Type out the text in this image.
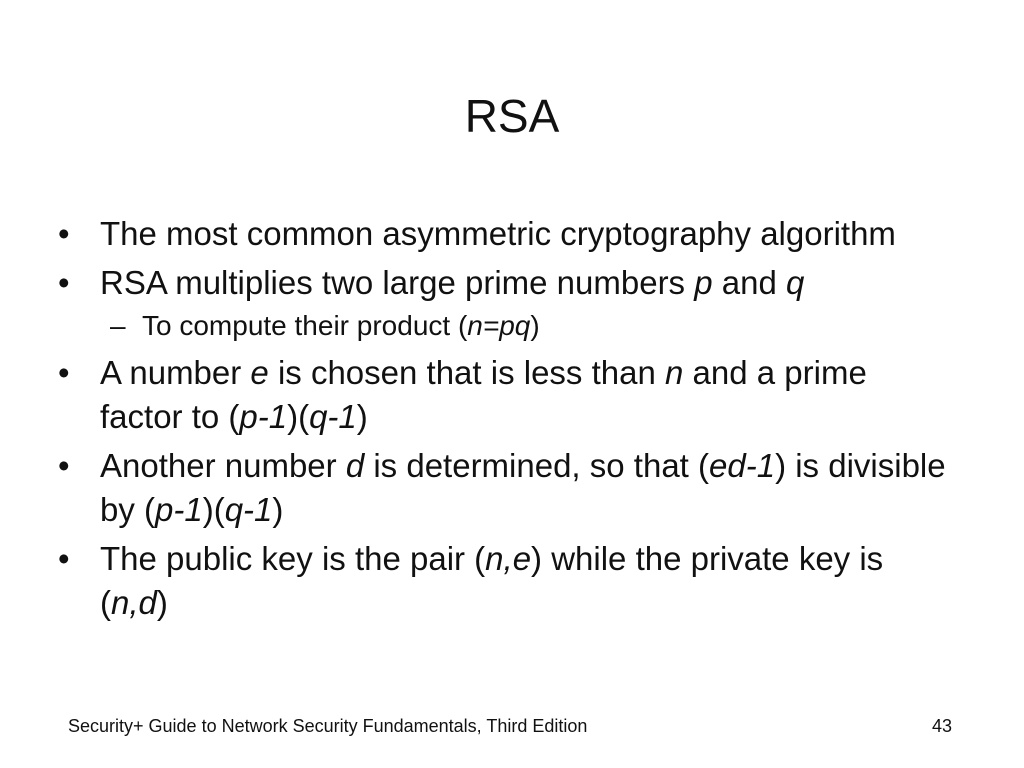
RSA
• The most common asymmetric cryptography algorithm
• RSA multiplies two large prime numbers p and q
– To compute their product (n=pq)
• A number e is chosen that is less than n and a prime factor to (p-1)(q-1)
• Another number d is determined, so that (ed-1) is divisible by (p-1)(q-1)
• The public key is the pair (n,e) while the private key is (n,d)
Security+ Guide to Network Security Fundamentals, Third Edition	43
